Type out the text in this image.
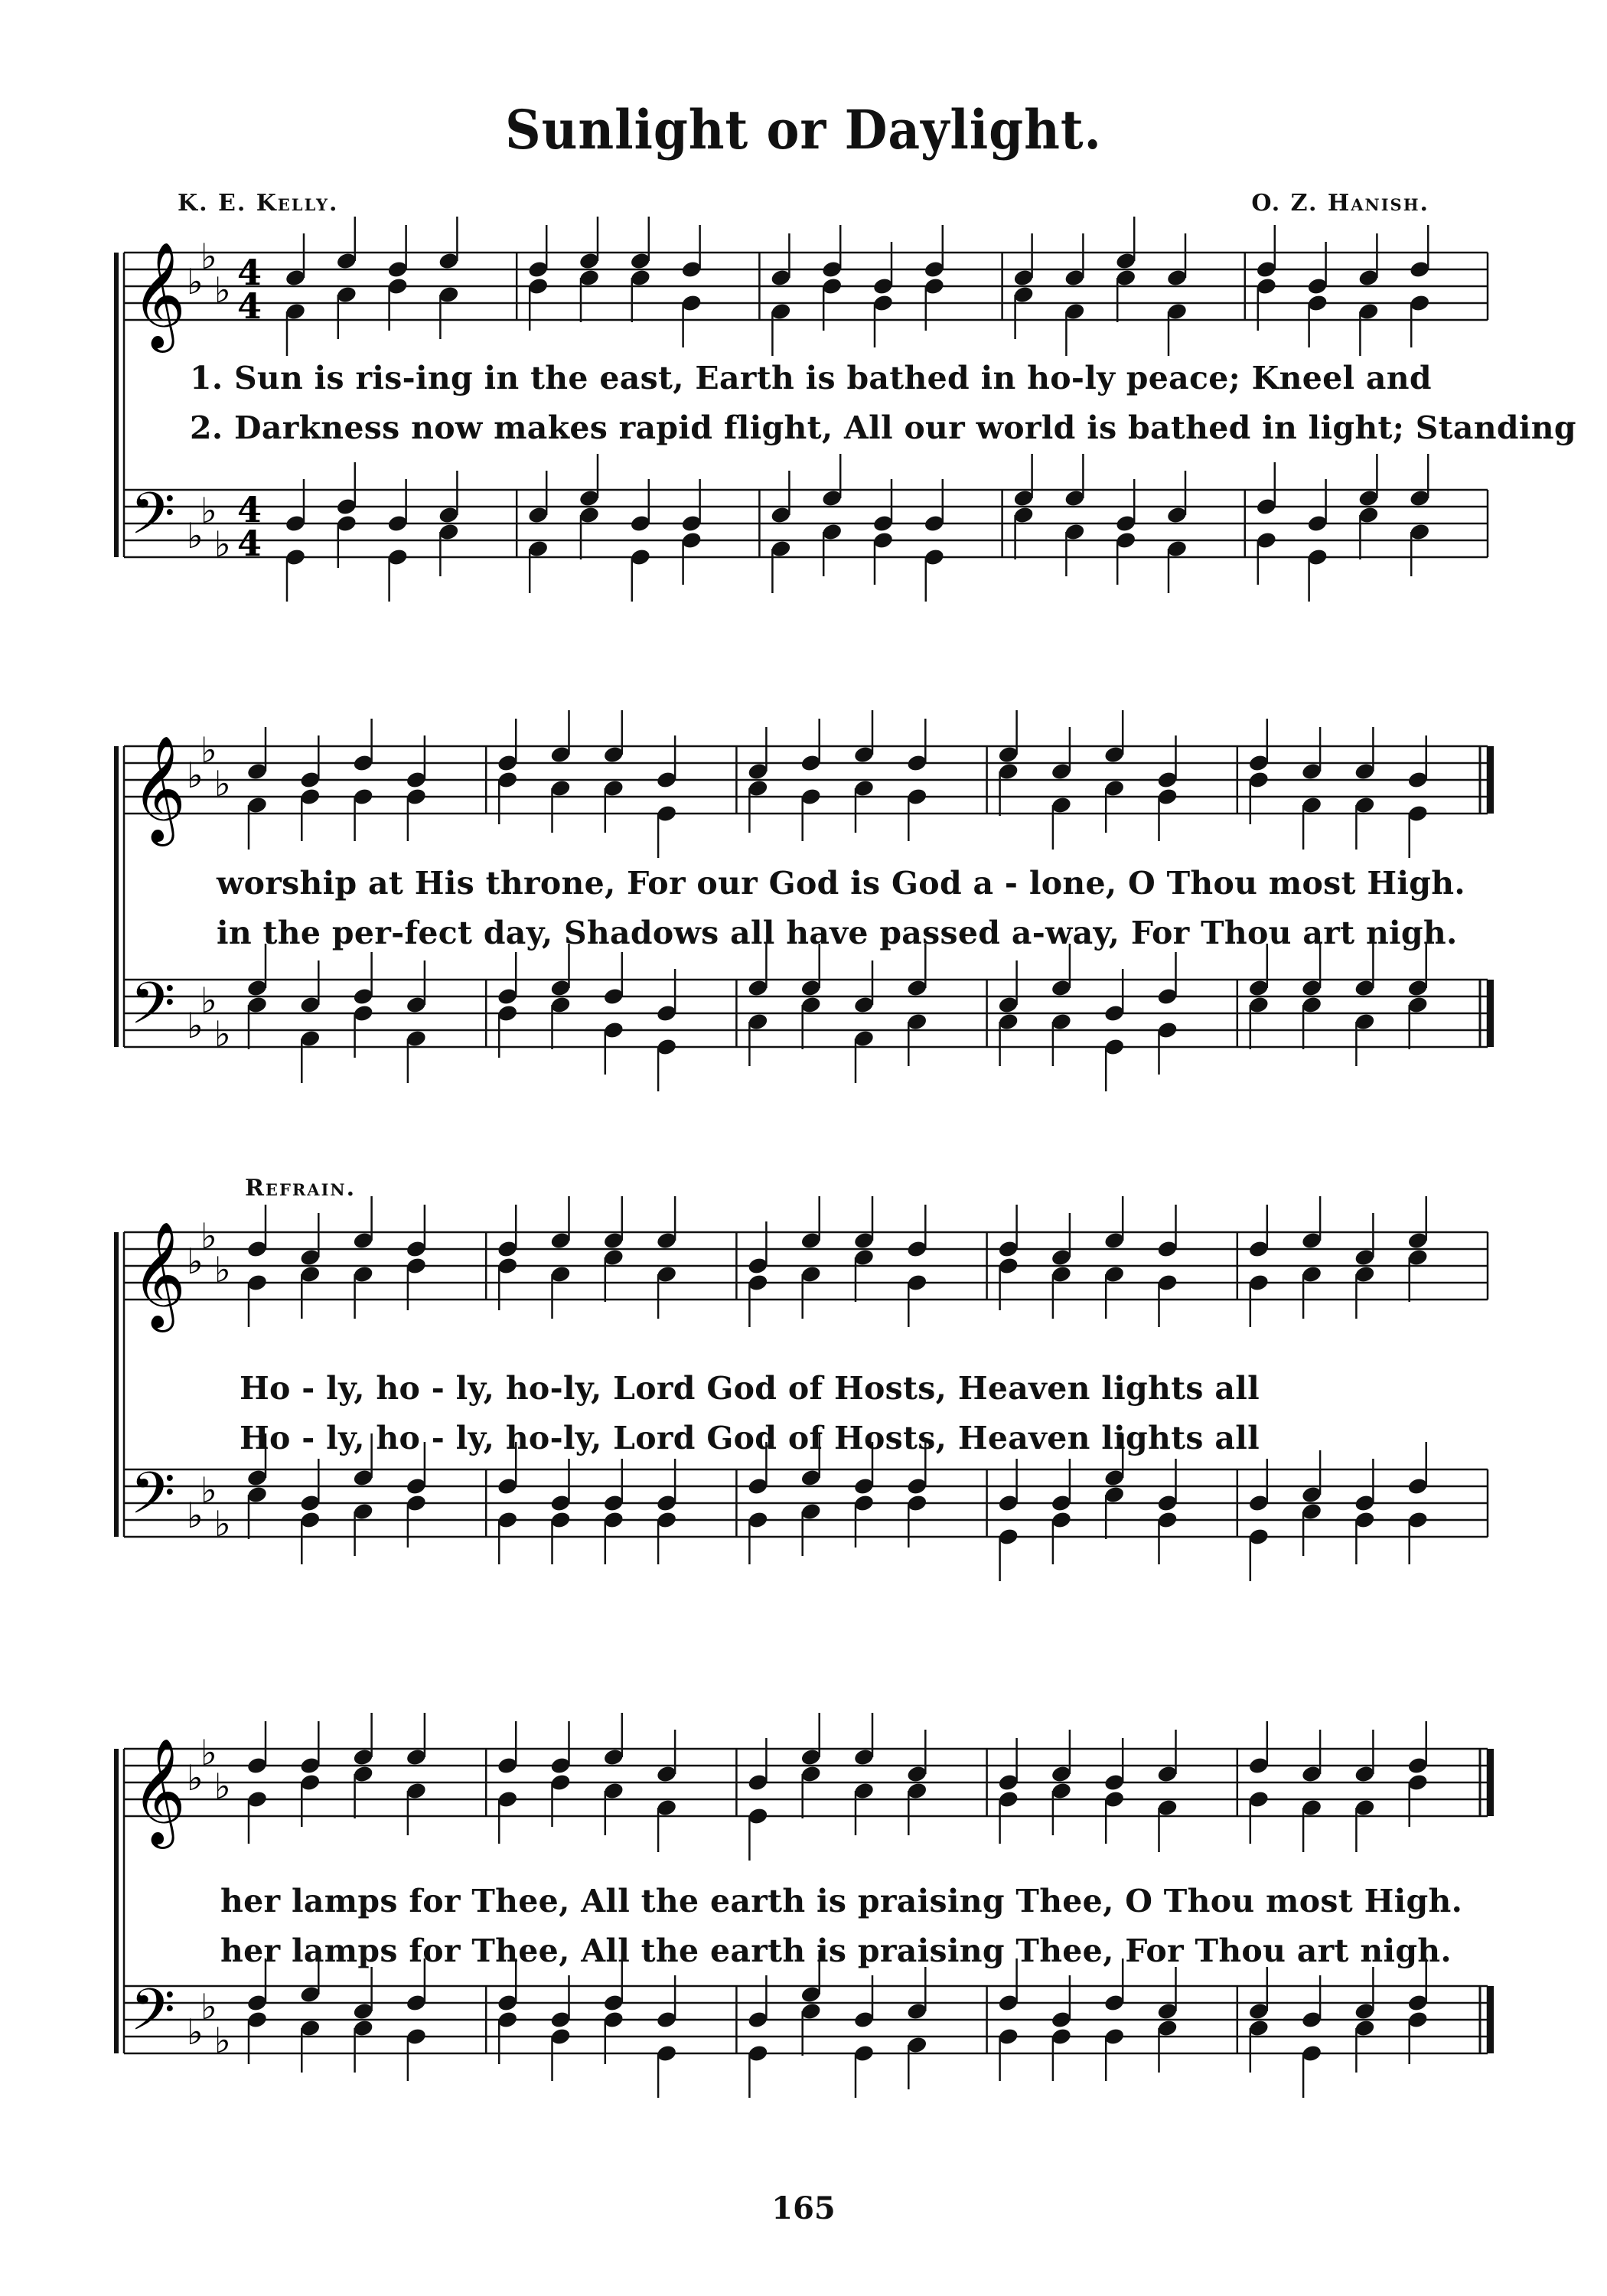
Sunlight or Daylight.
K. E. Kelly.	O. Z. Hanish.
𝄞
𝄢
♭
♭
♭
♭
♭
♭
4
4
4
4
1. Sun is ris-ing in the east, Earth is bathed in ho-ly peace; Kneel and
2. Darkness now makes rapid flight, All our world is bathed in light; Standing
𝄞
𝄢
♭
♭
♭
♭
♭
♭
worship at His throne, For our God is God a - lone, O Thou most High.
in the per-fect day, Shadows all have passed a-way, For Thou art nigh.
Refrain.
𝄞
𝄢
♭
♭
♭
♭
♭
♭
Ho - ly, ho - ly, ho-ly, Lord God of Hosts, Heaven lights all
Ho - ly, ho - ly, ho-ly, Lord God of Hosts, Heaven lights all
𝄞
𝄢
♭
♭
♭
♭
♭
♭
her lamps for Thee, All the earth is praising Thee, O Thou most High.
her lamps for Thee, All the earth is praising Thee, For Thou art nigh.
165
